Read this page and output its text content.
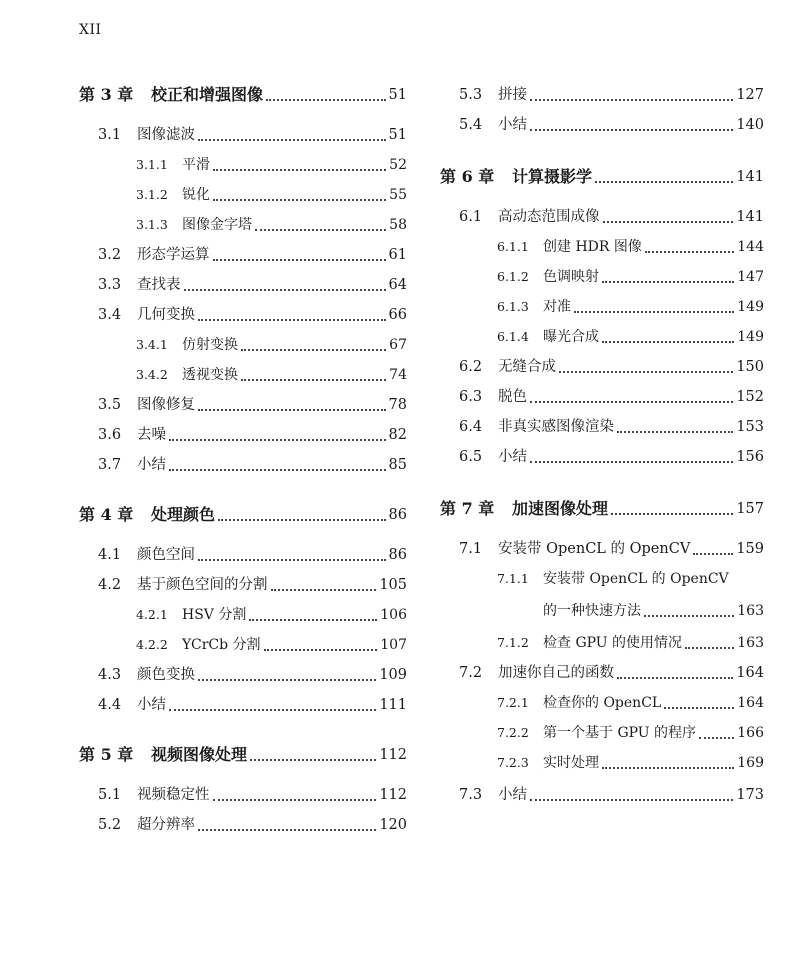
XII
第 3 章	校正和增强图像	51
3.1	图像滤波	51
3.1.1	平滑	52
3.1.2	锐化	55
3.1.3	图像金字塔	58
3.2	形态学运算	61
3.3	查找表	64
3.4	几何变换	66
3.4.1	仿射变换	67
3.4.2	透视变换	74
3.5	图像修复	78
3.6	去噪	82
3.7	小结	85
第 4 章	处理颜色	86
4.1	颜色空间	86
4.2	基于颜色空间的分割	105
4.2.1	HSV 分割	106
4.2.2	YCrCb 分割	107
4.3	颜色变换	109
4.4	小结	111
第 5 章	视频图像处理	112
5.1	视频稳定性	112
5.2	超分辨率	120
5.3	拼接	127
5.4	小结	140
第 6 章	计算摄影学	141
6.1	高动态范围成像	141
6.1.1	创建 HDR 图像	144
6.1.2	色调映射	147
6.1.3	对准	149
6.1.4	曝光合成	149
6.2	无缝合成	150
6.3	脱色	152
6.4	非真实感图像渲染	153
6.5	小结	156
第 7 章	加速图像处理	157
7.1	安装带 OpenCL 的 OpenCV	159
7.1.1	安装带 OpenCL 的 OpenCV
的一种快速方法	163
7.1.2	检查 GPU 的使用情况	163
7.2	加速你自己的函数	164
7.2.1	检查你的 OpenCL	164
7.2.2	第一个基于 GPU 的程序	166
7.2.3	实时处理	169
7.3	小结	173
